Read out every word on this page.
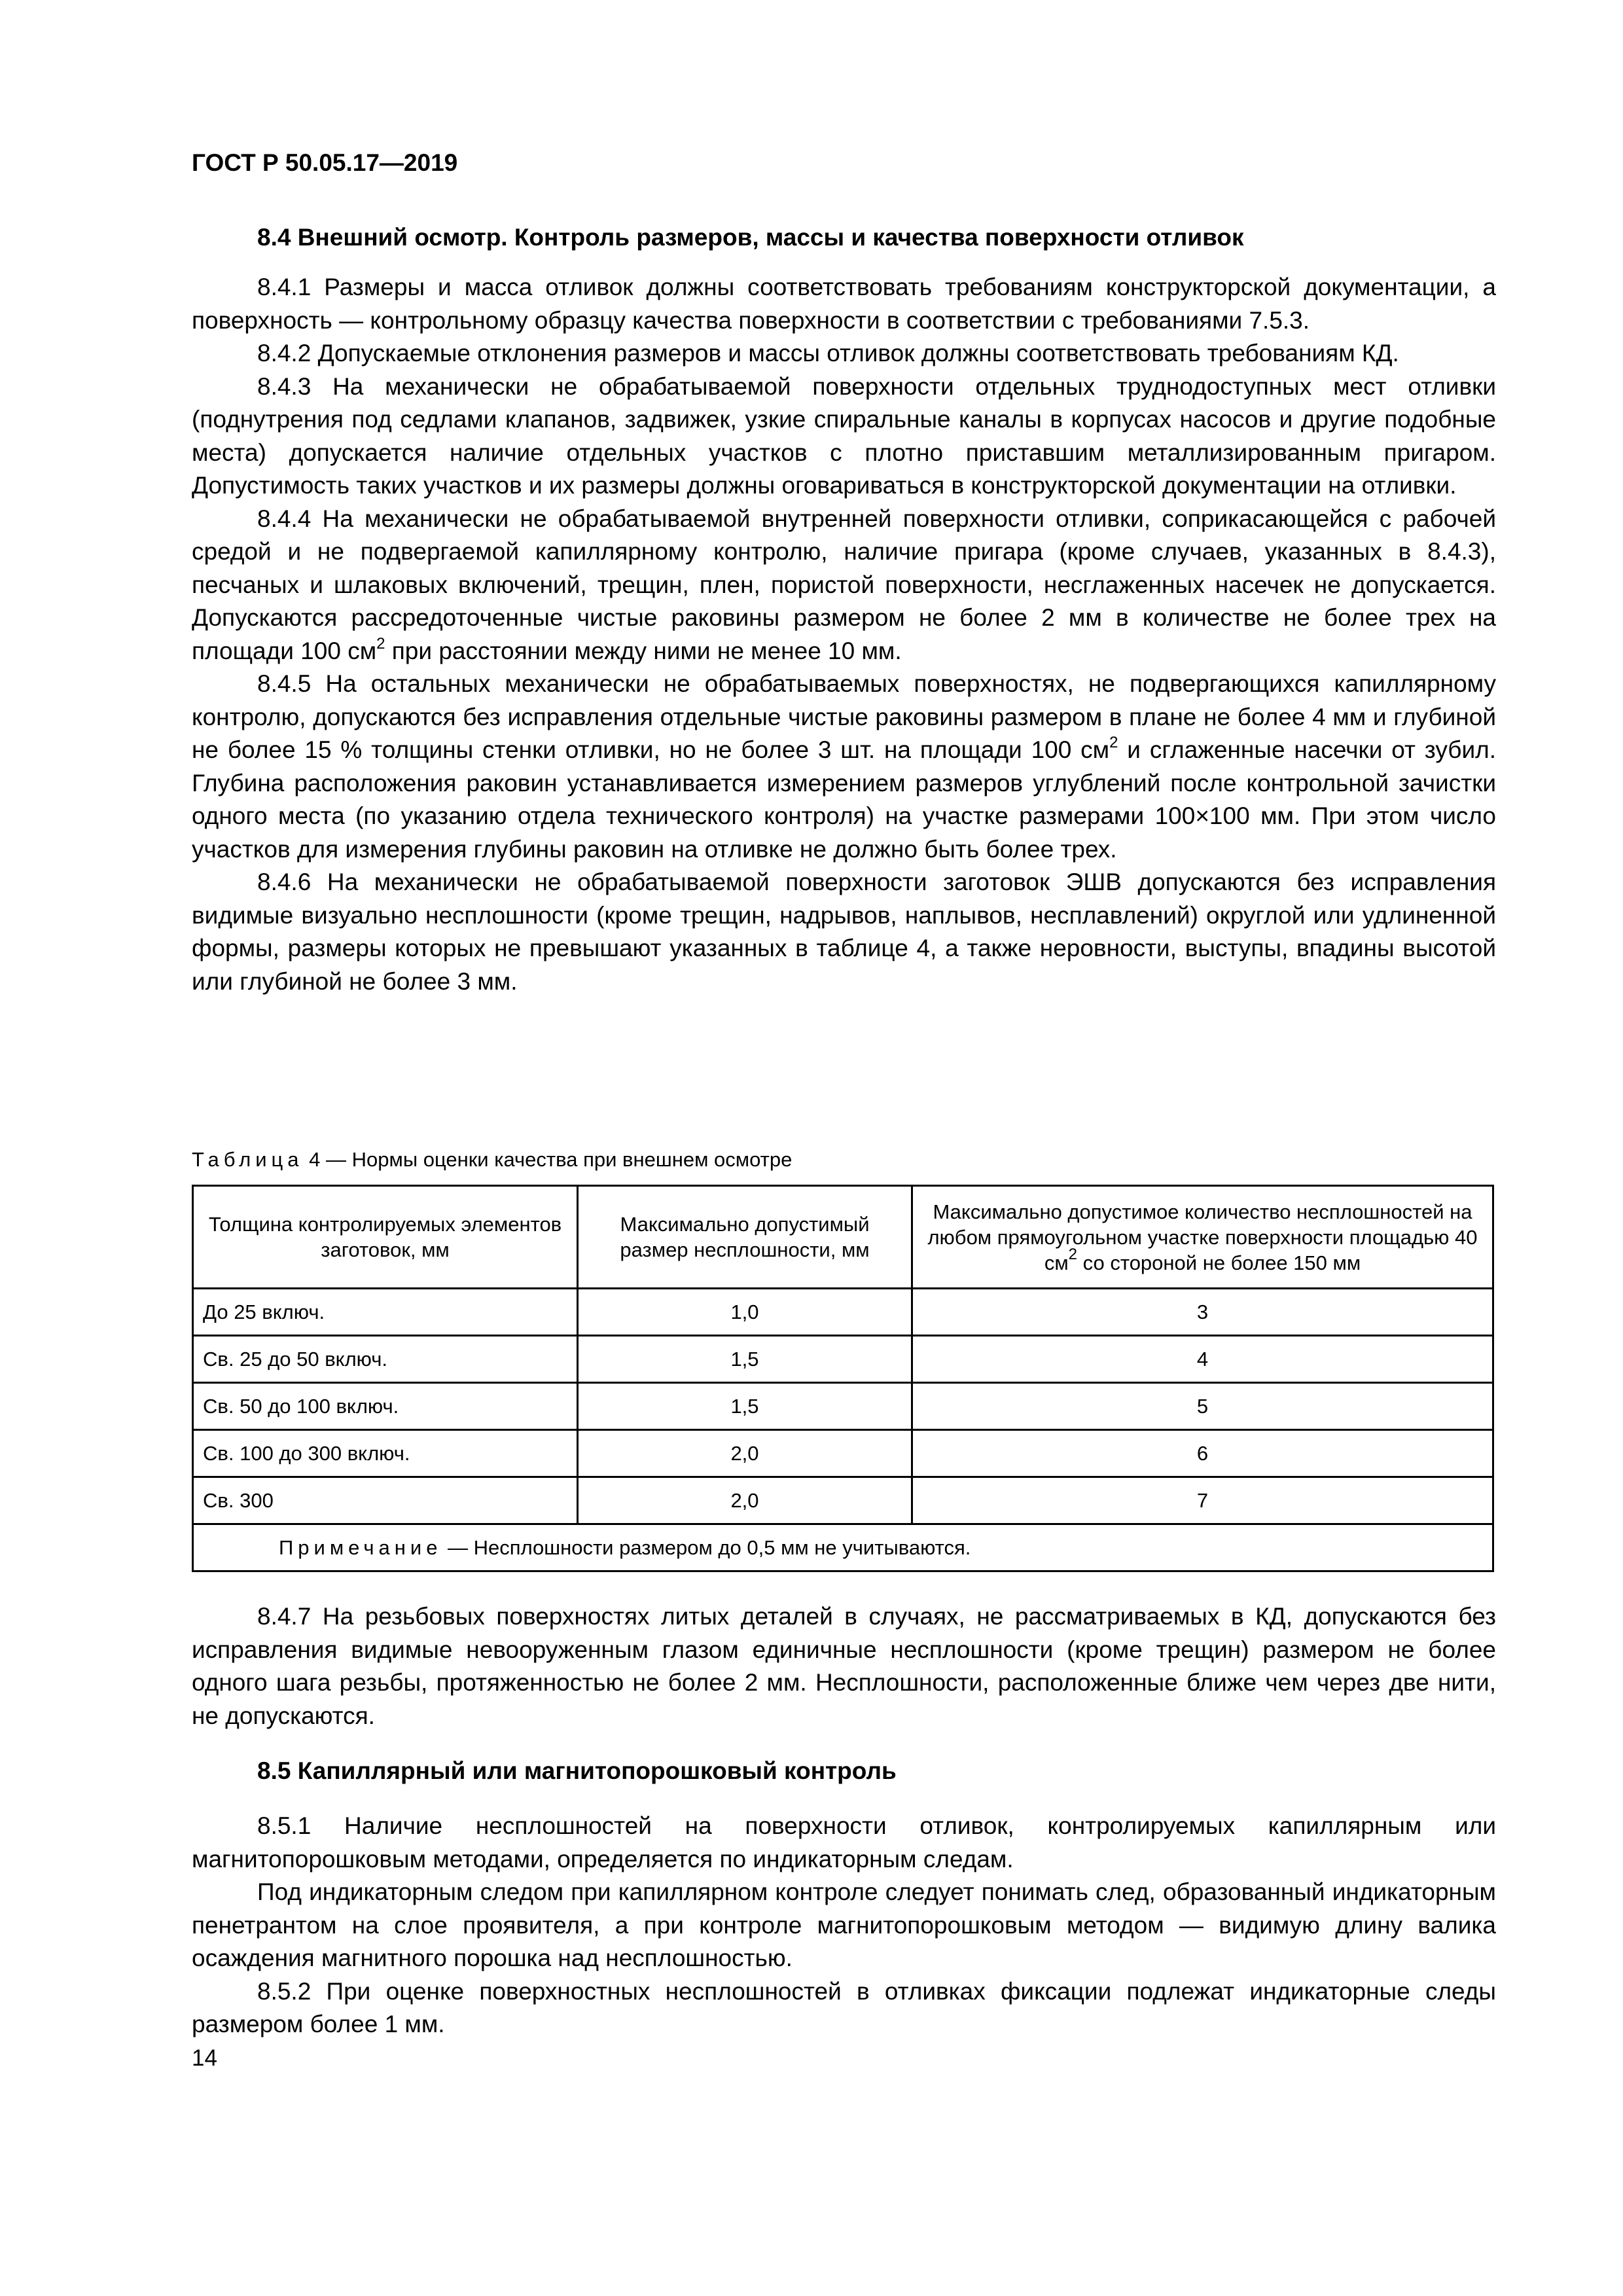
ГОСТ Р 50.05.17—2019
8.4 Внешний осмотр. Контроль размеров, массы и качества поверхности отливок

8.4.1 Размеры и масса отливок должны соответствовать требованиям конструкторской документации, а поверхность — контрольному образцу качества поверхности в соответствии с требованиями 7.5.3.

8.4.2 Допускаемые отклонения размеров и массы отливок должны соответствовать требованиям КД.

8.4.3 На механически не обрабатываемой поверхности отдельных труднодоступных мест отливки (поднутрения под седлами клапанов, задвижек, узкие спиральные каналы в корпусах насосов и другие подобные места) допускается наличие отдельных участков с плотно приставшим металлизированным пригаром. Допустимость таких участков и их размеры должны оговариваться в конструкторской документации на отливки.

8.4.4 На механически не обрабатываемой внутренней поверхности отливки, соприкасающейся с рабочей средой и не подвергаемой капиллярному контролю, наличие пригара (кроме случаев, указанных в 8.4.3), песчаных и шлаковых включений, трещин, плен, пористой поверхности, несглаженных насечек не допускается. Допускаются рассредоточенные чистые раковины размером не более 2 мм в количестве не более трех на площади 100 $см^2$ при расстоянии между ними не менее 10 мм.

8.4.5 На остальных механически не обрабатываемых поверхностях, не подвергающихся капиллярному контролю, допускаются без исправления отдельные чистые раковины размером в плане не более 4 мм и глубиной не более 15 % толщины стенки отливки, но не более 3 шт. на площади 100 $см^2$ и сглаженные насечки от зубил. Глубина расположения раковин устанавливается измерением размеров углублений после контрольной зачистки одного места (по указанию отдела технического контроля) на участке размерами 100×100 мм. При этом число участков для измерения глубины раковин на отливке не должно быть более трех.

8.4.6 На механически не обрабатываемой поверхности заготовок ЭШВ допускаются без исправления видимые визуально несплошности (кроме трещин, надрывов, наплывов, несплавлений) округлой или удлиненной формы, размеры которых не превышают указанных в таблице 4, а также неровности, выступы, впадины высотой или глубиной не более 3 мм.

Таблица 4 — Нормы оценки качества при внешнем осмотре
Толщина контролируемых элементов заготовок, мм	Максимально допустимый размер несплошности, мм	Максимально допустимое количество несплошностей на любом прямоугольном участке поверхности площадью 40 $см^2$ со стороной не более 150 мм
До 25 включ.	1,0	3
Св. 25 до 50 включ.	1,5	4
Св. 50 до 100 включ.	1,5	5
Св. 100 до 300 включ.	2,0	6
Св. 300	2,0	7
Примечание — Несплошности размером до 0,5 мм не учитываются.		

8.4.7 На резьбовых поверхностях литых деталей в случаях, не рассматриваемых в КД, допускаются без исправления видимые невооруженным глазом единичные несплошности (кроме трещин) размером не более одного шага резьбы, протяженностью не более 2 мм. Несплошности, расположенные ближе чем через две нити, не допускаются.

8.5 Капиллярный или магнитопорошковый контроль

8.5.1 Наличие несплошностей на поверхности отливок, контролируемых капиллярным или магнитопорошковым методами, определяется по индикаторным следам.

Под индикаторным следом при капиллярном контроле следует понимать след, образованный индикаторным пенетрантом на слое проявителя, а при контроле магнитопорошковым методом — видимую длину валика осаждения магнитного порошка над несплошностью.

8.5.2 При оценке поверхностных несплошностей в отливках фиксации подлежат индикаторные следы размером более 1 мм.

14
